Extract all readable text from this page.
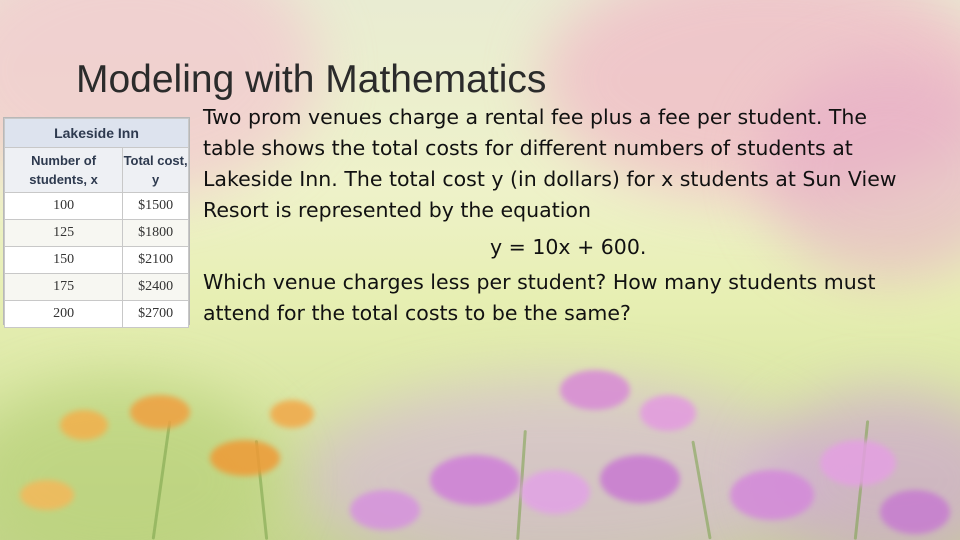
Modeling with Mathematics
Lakeside Inn	
Number of students, x	Total cost, y
100	$1500
125	$1800
150	$2100
175	$2400
200	$2700

Two prom venues charge a rental fee plus a fee per student. The table shows the total costs for different numbers of students at Lakeside Inn. The total cost y (in dollars) for x students at Sun View Resort is represented by the equation

y = 10x + 600.

Which venue charges less per student? How many students must attend for the total costs to be the same?
